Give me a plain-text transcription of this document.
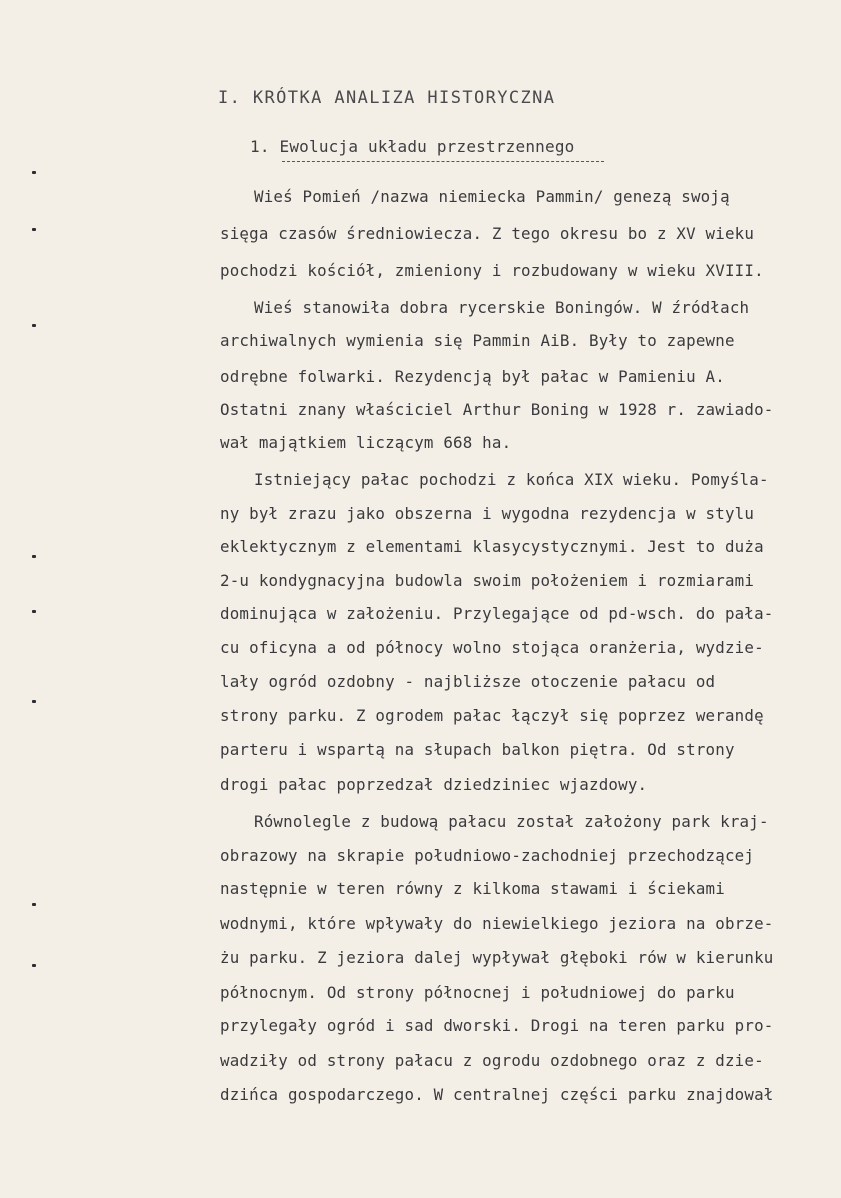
I. KRÓTKA ANALIZA HISTORYCZNA
1. Ewolucja układu przestrzennego
Wieś Pomień /nazwa niemiecka Pammin/ genezą swoją
sięga czasów średniowiecza. Z tego okresu bo z XV wieku
pochodzi kościół, zmieniony i rozbudowany w wieku XVIII.
Wieś stanowiła dobra rycerskie Boningów. W źródłach
archiwalnych wymienia się Pammin AiB. Były to zapewne
odrębne folwarki. Rezydencją był pałac w Pamieniu A.
Ostatni znany właściciel Arthur Boning w 1928 r. zawiado-
wał majątkiem liczącym 668 ha.
Istniejący pałac pochodzi z końca XIX wieku. Pomyśla-
ny był zrazu jako obszerna i wygodna rezydencja w stylu
eklektycznym z elementami klasycystycznymi. Jest to duża
2-u kondygnacyjna budowla swoim położeniem i rozmiarami
dominująca w założeniu. Przylegające od pd-wsch. do pała-
cu oficyna a od północy wolno stojąca oranżeria, wydzie-
lały ogród ozdobny - najbliższe otoczenie pałacu od
strony parku. Z ogrodem pałac łączył się poprzez werandę
parteru i wspartą na słupach balkon piętra. Od strony
drogi pałac poprzedzał dziedziniec wjazdowy.
Równolegle z budową pałacu został założony park kraj-
obrazowy na skrapie południowo-zachodniej przechodzącej
następnie w teren równy z kilkoma stawami i ściekami
wodnymi, które wpływały do niewielkiego jeziora na obrze-
żu parku. Z jeziora dalej wypływał głęboki rów w kierunku
północnym. Od strony północnej i południowej do parku
przylegały ogród i sad dworski. Drogi na teren parku pro-
wadziły od strony pałacu z ogrodu ozdobnego oraz z dzie-
dzińca gospodarczego. W centralnej części parku znajdował
